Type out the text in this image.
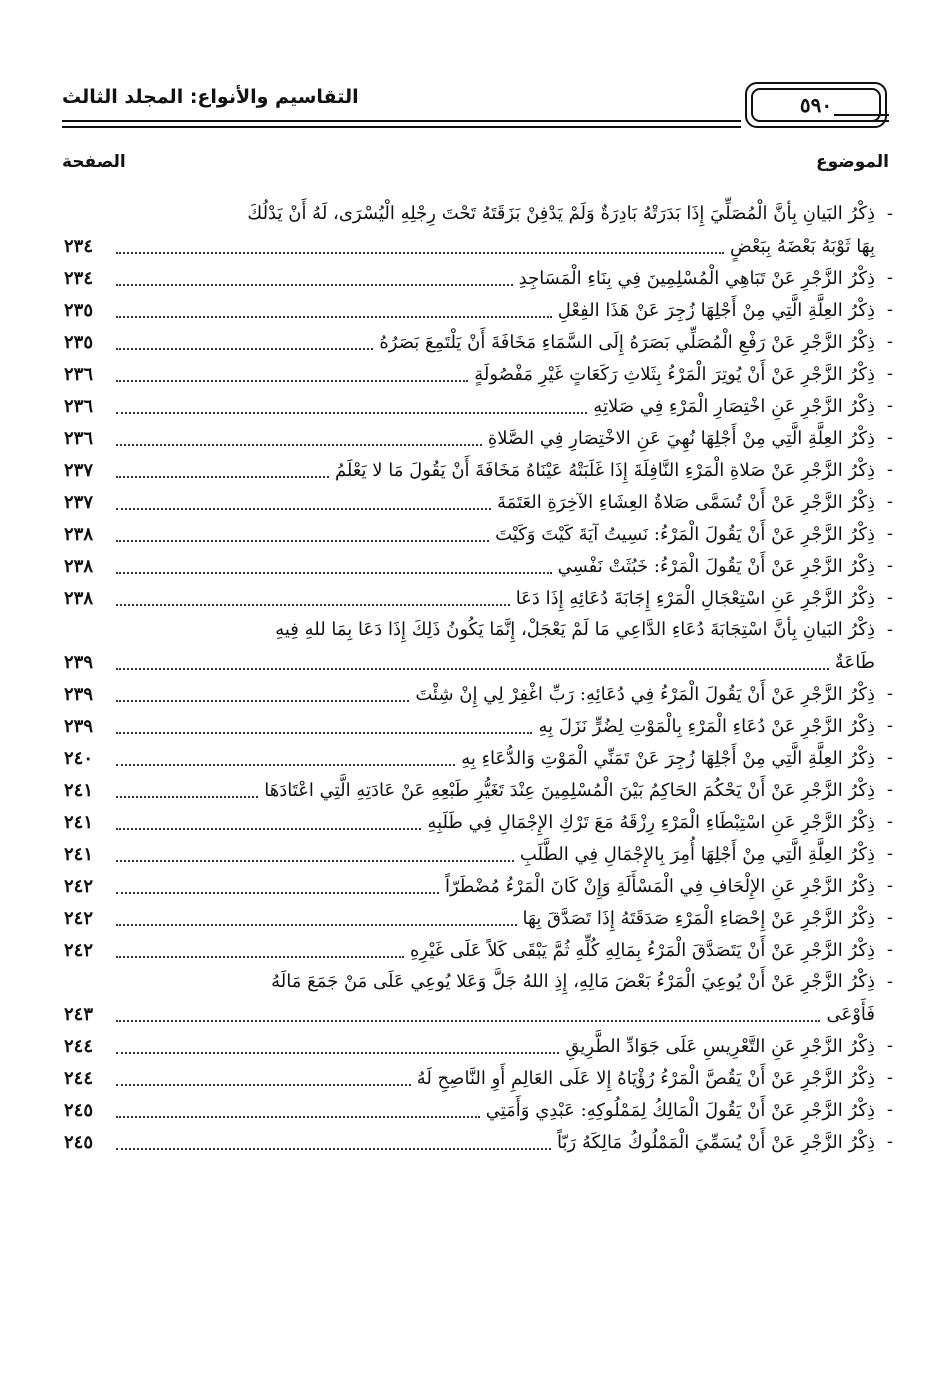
التقاسيم والأنواع: المجلد الثالث	٥٩٠
الموضوع
الصفحة
-
ذِكْرُ البَيانِ بِأنَّ الْمُصَلِّيَ إِذَا بَدَرَتْهُ بَادِرَةٌ وَلَمْ يَدْفِنْ بَزَقَتَهُ تَحْتَ رِجْلِهِ الْيُسْرَى، لَهُ أَنْ يَدْلُكَ
بِهَا ثَوْبَهُ بَعْضَهُ بِبَعْضٍ
٢٣٤
-
ذِكْرُ الزَّجْرِ عَنْ تَبَاهِي الْمُسْلِمِينَ فِي بِنَاءِ الْمَسَاجِدِ
٢٣٤
-
ذِكْرُ العِلَّةِ الَّتِي مِنْ أَجْلِهَا زُجِرَ عَنْ هَذَا الفِعْلِ
٢٣٥
-
ذِكْرُ الزَّجْرِ عَنْ رَفْعِ الْمُصَلِّي بَصَرَهُ إِلَى السَّمَاءِ مَخَافَةَ أَنْ يَلْتَمِعَ بَصَرُهُ
٢٣٥
-
ذِكْرُ الزَّجْرِ عَنْ أَنْ يُوتِرَ الْمَرْءُ بِثَلاثِ رَكَعَاتٍ غَيْرِ مَفْصُولَةٍ
٢٣٦
-
ذِكْرُ الزَّجْرِ عَنِ اخْتِصَارِ الْمَرْءِ فِي صَلاتِهِ
٢٣٦
-
ذِكْرُ العِلَّةِ الَّتِي مِنْ أَجْلِهَا نُهِيَ عَنِ الاخْتِصَارِ فِي الصَّلاةِ
٢٣٦
-
ذِكْرُ الزَّجْرِ عَنْ صَلاةِ الْمَرْءِ النَّافِلَةَ إِذَا غَلَبَتْهُ عَيْنَاهُ مَخَافَةَ أَنْ يَقُولَ مَا لا يَعْلَمُ
٢٣٧
-
ذِكْرُ الزَّجْرِ عَنْ أَنْ تُسَمَّى صَلاةُ العِشَاءِ الآخِرَةِ العَتَمَةَ
٢٣٧
-
ذِكْرُ الزَّجْرِ عَنْ أَنْ يَقُولَ الْمَرْءُ: نَسِيتُ آيَةَ كَيْتَ وَكَيْتَ
٢٣٨
-
ذِكْرُ الزَّجْرِ عَنْ أَنْ يَقُولَ الْمَرْءُ: خَبُثَتْ نَفْسِي
٢٣٨
-
ذِكْرُ الزَّجْرِ عَنِ اسْتِعْجَالِ الْمَرْءِ إِجَابَةَ دُعَائِهِ إِذَا دَعَا
٢٣٨
-
ذِكْرُ البَيانِ بِأنَّ اسْتِجَابَةَ دُعَاءِ الدَّاعِي مَا لَمْ يَعْجَلْ، إِنَّمَا يَكُونُ ذَلِكَ إِذَا دَعَا بِمَا للهِ فِيهِ
طَاعَةٌ
٢٣٩
-
ذِكْرُ الزَّجْرِ عَنْ أَنْ يَقُولَ الْمَرْءُ فِي دُعَائِهِ: رَبِّ اغْفِرْ لِي إِنْ شِئْتَ
٢٣٩
-
ذِكْرُ الزَّجْرِ عَنْ دُعَاءِ الْمَرْءِ بِالْمَوْتِ لِضُرٍّ نَزَلَ بِهِ
٢٣٩
-
ذِكْرُ العِلَّةِ الَّتِي مِنْ أَجْلِهَا زُجِرَ عَنْ تَمَنِّي الْمَوْتِ وَالدُّعَاءِ بِهِ
٢٤٠
-
ذِكْرُ الزَّجْرِ عَنْ أَنْ يَحْكُمَ الحَاكِمُ بَيْنَ الْمُسْلِمِينَ عِنْدَ تَغَيُّرِ طَبْعِهِ عَنْ عَادَتِهِ الَّتِي اعْتَادَهَا
٢٤١
-
ذِكْرُ الزَّجْرِ عَنِ اسْتِبْطَاءِ الْمَرْءِ رِزْقَهُ مَعَ تَرْكِ الإِجْمَالِ فِي طَلَبِهِ
٢٤١
-
ذِكْرُ العِلَّةِ الَّتِي مِنْ أَجْلِهَا أُمِرَ بِالإِجْمَالِ فِي الطَّلَبِ
٢٤١
-
ذِكْرُ الزَّجْرِ عَنِ الإِلْحَافِ فِي الْمَسْأَلَةِ وَإِنْ كَانَ الْمَرْءُ مُضْطَرّاً
٢٤٢
-
ذِكْرُ الزَّجْرِ عَنْ إِحْصَاءِ الْمَرْءِ صَدَقَتَهُ إِذَا تَصَدَّقَ بِهَا
٢٤٢
-
ذِكْرُ الزَّجْرِ عَنْ أَنْ يَتَصَدَّقَ الْمَرْءُ بِمَالِهِ كُلِّهِ ثُمَّ يَبْقَى كَلاً عَلَى غَيْرِهِ
٢٤٢
-
ذِكْرُ الزَّجْرِ عَنْ أَنْ يُوعِيَ الْمَرْءُ بَعْضَ مَالِهِ، إِذِ اللهُ جَلَّ وَعَلا يُوعِي عَلَى مَنْ جَمَعَ مَالَهُ
فَأَوْعَى
٢٤٣
-
ذِكْرُ الزَّجْرِ عَنِ التَّعْرِيسِ عَلَى جَوَادِّ الطَّرِيقِ
٢٤٤
-
ذِكْرُ الزَّجْرِ عَنْ أَنْ يَقُصَّ الْمَرْءُ رُؤْيَاهُ إِلا عَلَى العَالِمِ أَوِ النَّاصِحِ لَهُ
٢٤٤
-
ذِكْرُ الزَّجْرِ عَنْ أَنْ يَقُولَ الْمَالِكُ لِمَمْلُوكِهِ: عَبْدِي وَأَمَتِي
٢٤٥
-
ذِكْرُ الزَّجْرِ عَنْ أَنْ يُسَمِّيَ الْمَمْلُوكُ مَالِكَهُ رَبّاً
٢٤٥
